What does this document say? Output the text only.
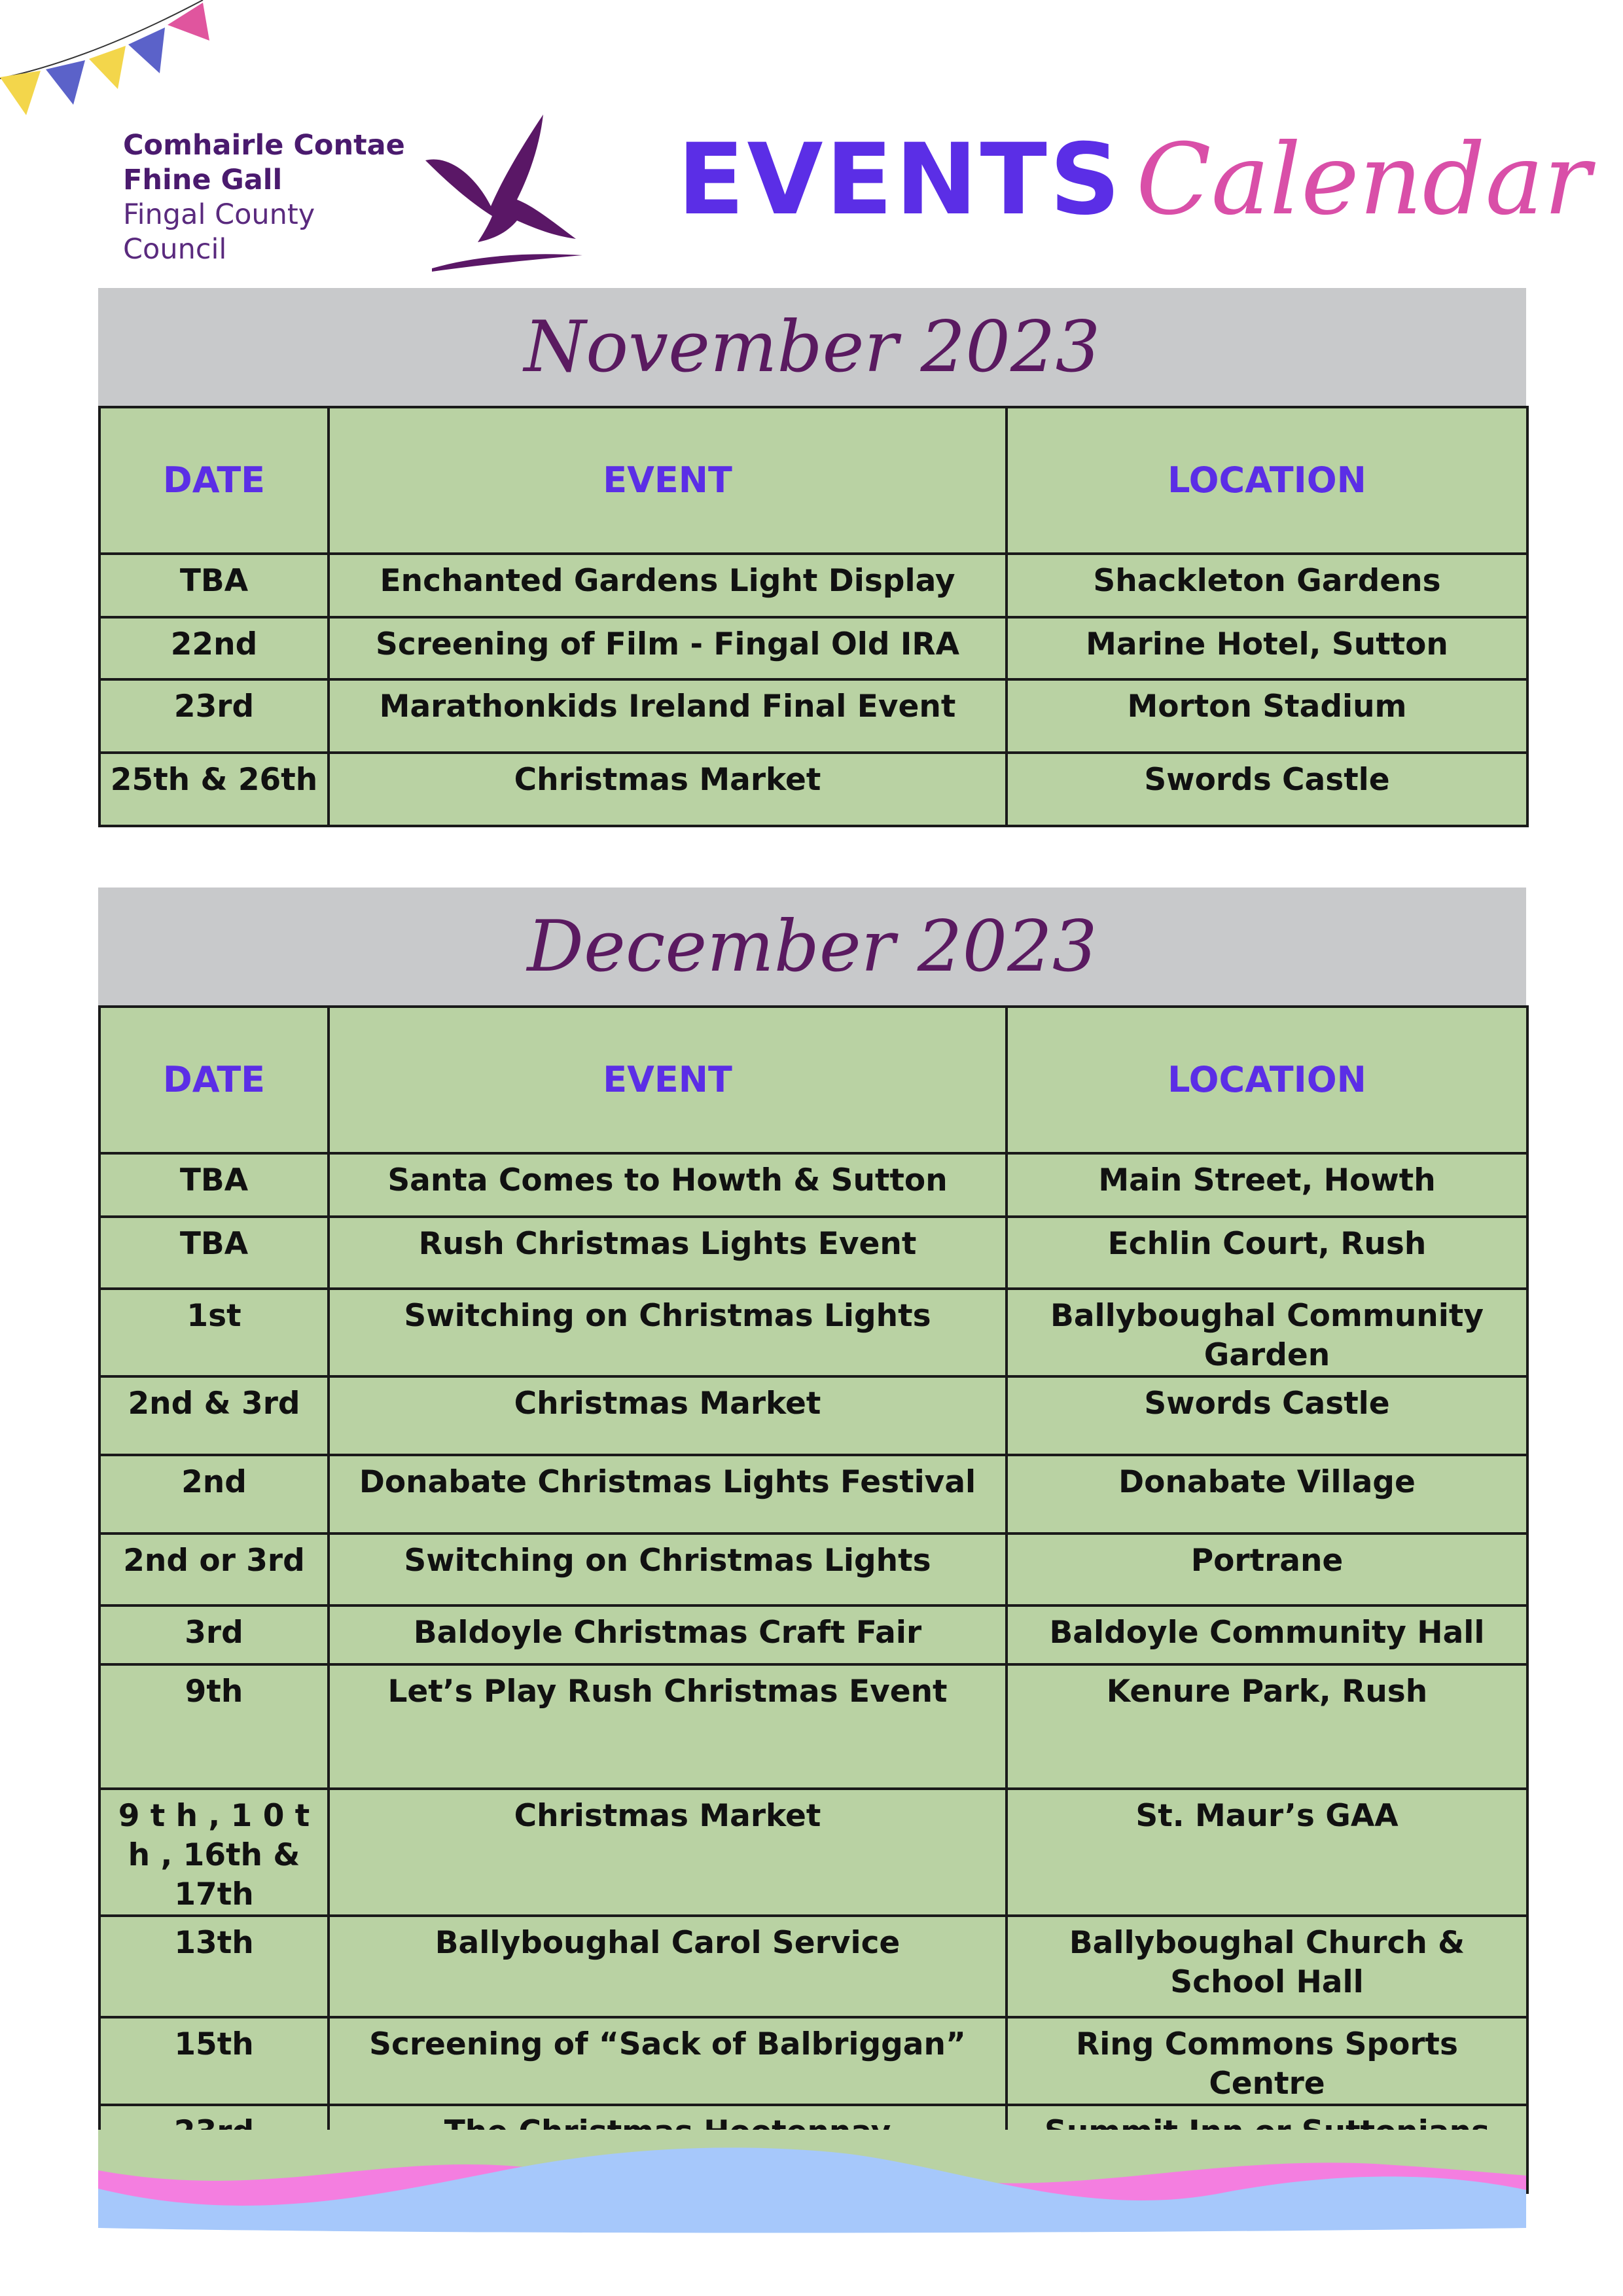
Comhairle Contae
Fhine Gall
Fingal County
Council
EVENTS Calendar
November 2023
DATE	EVENT	LOCATION
TBA	Enchanted Gardens Light Display	Shackleton Gardens
22nd	Screening of Film - Fingal Old IRA	Marine Hotel, Sutton
23rd	Marathonkids Ireland Final Event	Morton Stadium
25th & 26th	Christmas Market	Swords Castle
December 2023
DATE	EVENT	LOCATION
TBA	Santa Comes to Howth & Sutton	Main Street, Howth
TBA	Rush Christmas Lights Event	Echlin Court, Rush
1st	Switching on Christmas Lights	Ballyboughal Community Garden
2nd & 3rd	Christmas Market	Swords Castle
2nd	Donabate Christmas Lights Festival	Donabate Village
2nd or 3rd	Switching on Christmas Lights	Portrane
3rd	Baldoyle Christmas Craft Fair	Baldoyle Community Hall
9th	Let’s Play Rush Christmas Event	Kenure Park, Rush
9 t h , 1 0 t h , 16th & 17th	Christmas Market	St. Maur’s GAA
13th	Ballyboughal Carol Service	Ballyboughal Church & School Hall
15th	Screening of “Sack of Balbriggan”	Ring Commons Sports Centre
